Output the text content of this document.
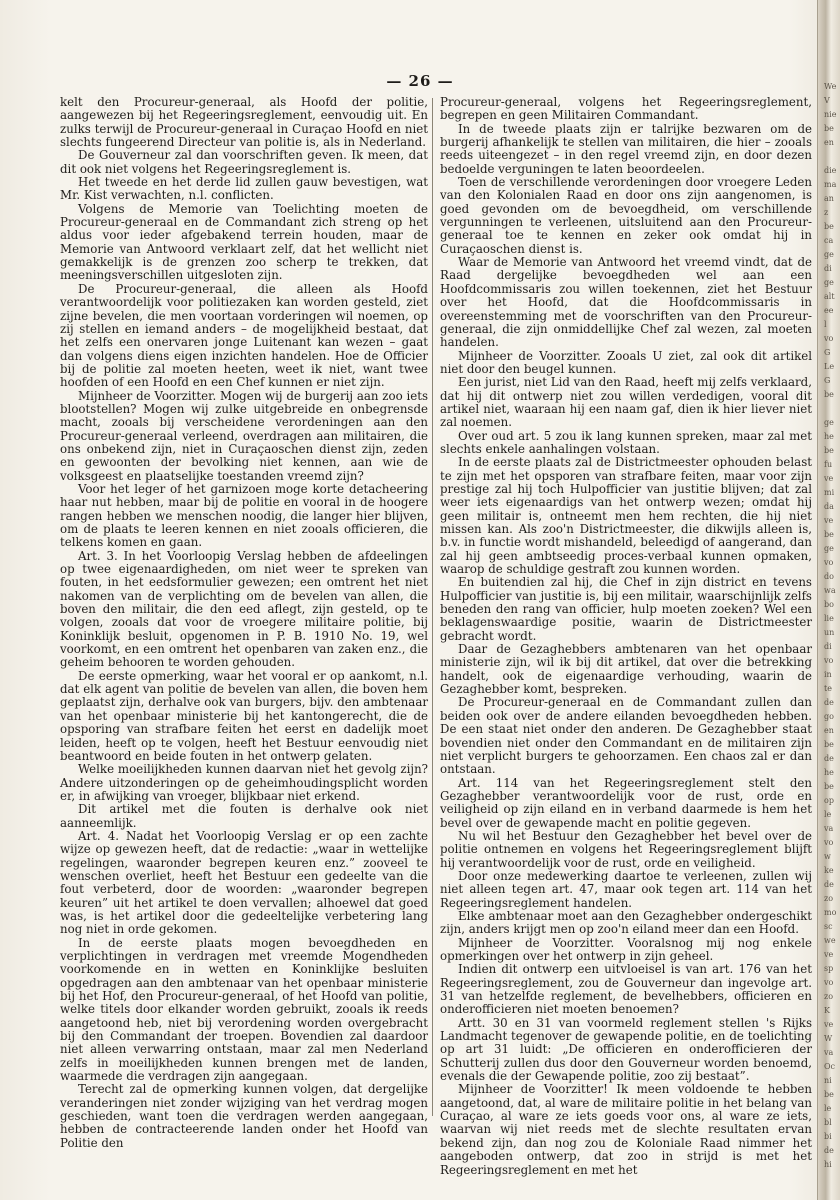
— 26 —

kelt den Procureur-generaal, als Hoofd der politie, aangewezen bij het Regeeringsreglement, eenvoudig uit. En zulks terwijl de Procureur-generaal in Curaçao Hoofd en niet slechts fungeerend Directeur van politie is, als in Nederland.

De Gouverneur zal dan voorschriften geven. Ik meen, dat dit ook niet volgens het Regeeringsreglement is.

Het tweede en het derde lid zullen gauw bevestigen, wat Mr. Kist verwachten, n.l. conflicten.

Volgens de Memorie van Toelichting moeten de Procureur-generaal en de Commandant zich streng op het aldus voor ieder afgebakend terrein houden, maar de Memorie van Antwoord verklaart zelf, dat het wellicht niet gemakkelijk is de grenzen zoo scherp te trekken, dat meeningsverschillen uitgesloten zijn.

De Procureur-generaal, die alleen als Hoofd verantwoordelijk voor politiezaken kan worden gesteld, ziet zijne bevelen, die men voortaan vorderingen wil noemen, op zij stellen en iemand anders – de mogelijkheid bestaat, dat het zelfs een onervaren jonge Luitenant kan wezen – gaat dan volgens diens eigen inzichten handelen. Hoe de Officier bij de politie zal moeten heeten, weet ik niet, want twee hoofden of een Hoofd en een Chef kunnen er niet zijn.

Mijnheer de Voorzitter. Mogen wij de burgerij aan zoo iets blootstellen? Mogen wij zulke uitgebreide en onbegrensde macht, zooals bij verscheidene verordeningen aan den Procureur-generaal verleend, overdragen aan militairen, die ons onbekend zijn, niet in Curaçaoschen dienst zijn, zeden en gewoonten der bevolking niet kennen, aan wie de volksgeest en plaatselijke toestanden vreemd zijn?

Voor het leger of het garnizoen moge korte detacheering haar nut hebben, maar bij de politie en vooral in de hoogere rangen hebben we menschen noodig, die langer hier blijven, om de plaats te leeren kennen en niet zooals officieren, die telkens komen en gaan.

Art. 3. In het Voorloopig Verslag hebben de afdeelingen op twee eigenaardigheden, om niet weer te spreken van fouten, in het eedsformulier gewezen; een omtrent het niet nakomen van de verplichting om de bevelen van allen, die boven den militair, die den eed aflegt, zijn gesteld, op te volgen, zooals dat voor de vroegere militaire politie, bij Koninklijk besluit, opgenomen in P. B. 1910 No. 19, wel voorkomt, en een omtrent het openbaren van zaken enz., die geheim behooren te worden gehouden.

De eerste opmerking, waar het vooral er op aankomt, n.l. dat elk agent van politie de bevelen van allen, die boven hem geplaatst zijn, derhalve ook van burgers, bijv. den ambtenaar van het openbaar ministerie bij het kantongerecht, die de opsporing van strafbare feiten het eerst en dadelijk moet leiden, heeft op te volgen, heeft het Bestuur eenvoudig niet beantwoord en beide fouten in het ontwerp gelaten.

Welke moeilijkheden kunnen daarvan niet het gevolg zijn? Andere uitzonderingen op de geheimhoudingsplicht worden er, in afwijking van vroeger, blijkbaar niet erkend.

Dit artikel met die fouten is derhalve ook niet aanneemlijk.

Art. 4. Nadat het Voorloopig Verslag er op een zachte wijze op gewezen heeft, dat de redactie: „waar in wettelijke regelingen, waaronder begrepen keuren enz.” zooveel te wenschen overliet, heeft het Bestuur een gedeelte van die fout verbeterd, door de woorden: „waaronder begrepen keuren” uit het artikel te doen vervallen; alhoewel dat goed was, is het artikel door die gedeeltelijke verbetering lang nog niet in orde gekomen.

In de eerste plaats mogen bevoegdheden en verplichtingen in verdragen met vreemde Mogendheden voorkomende en in wetten en Koninklijke besluiten opgedragen aan den ambtenaar van het openbaar ministerie bij het Hof, den Procureur-generaal, of het Hoofd van politie, welke titels door elkander worden gebruikt, zooals ik reeds aangetoond heb, niet bij verordening worden overgebracht bij den Commandant der troepen. Bovendien zal daardoor niet alleen verwarring ontstaan, maar zal men Nederland zelfs in moeilijkheden kunnen brengen met de landen, waarmede die verdragen zijn aangegaan.

Terecht zal de opmerking kunnen volgen, dat dergelijke veranderingen niet zonder wijziging van het verdrag mogen geschieden, want toen die verdragen werden aangegaan, hebben de contracteerende landen onder het Hoofd van Politie den

Procureur-generaal, volgens het Regeeringsreglement, begrepen en geen Militairen Commandant.

In de tweede plaats zijn er talrijke bezwaren om de burgerij afhankelijk te stellen van militairen, die hier – zooals reeds uiteengezet – in den regel vreemd zijn, en door dezen bedoelde verguningen te laten beoordeelen.

Toen de verschillende verordeningen door vroegere Leden van den Kolonialen Raad en door ons zijn aangenomen, is goed gevonden om de bevoegdheid, om verschillende vergunningen te verleenen, uitsluitend aan den Procureur-generaal toe te kennen en zeker ook omdat hij in Curaçaoschen dienst is.

Waar de Memorie van Antwoord het vreemd vindt, dat de Raad dergelijke bevoegdheden wel aan een Hoofdcommissaris zou willen toekennen, ziet het Bestuur over het Hoofd, dat die Hoofdcommissaris in overeenstemming met de voorschriften van den Procureur-generaal, die zijn onmiddellijke Chef zal wezen, zal moeten handelen.

Mijnheer de Voorzitter. Zooals U ziet, zal ook dit artikel niet door den beugel kunnen.

Een jurist, niet Lid van den Raad, heeft mij zelfs verklaard, dat hij dit ontwerp niet zou willen verdedigen, vooral dit artikel niet, waaraan hij een naam gaf, dien ik hier liever niet zal noemen.

Over oud art. 5 zou ik lang kunnen spreken, maar zal met slechts enkele aanhalingen volstaan.

In de eerste plaats zal de Districtmeester ophouden belast te zijn met het opsporen van strafbare feiten, maar voor zijn prestige zal hij toch Hulpofficier van justitie blijven; dat zal weer iets eigenaardigs van het ontwerp wezen; omdat hij geen militair is, ontneemt men hem rechten, die hij niet missen kan. Als zoo'n Districtmeester, die dikwijls alleen is, b.v. in functie wordt mishandeld, beleedigd of aangerand, dan zal hij geen ambtseedig proces-verbaal kunnen opmaken, waarop de schuldige gestraft zou kunnen worden.

En buitendien zal hij, die Chef in zijn district en tevens Hulpofficier van justitie is, bij een militair, waarschijnlijk zelfs beneden den rang van officier, hulp moeten zoeken? Wel een beklagenswaardige positie, waarin de Districtmeester gebracht wordt.

Daar de Gezaghebbers ambtenaren van het openbaar ministerie zijn, wil ik bij dit artikel, dat over die betrekking handelt, ook de eigenaardige verhouding, waarin de Gezaghebber komt, bespreken.

De Procureur-generaal en de Commandant zullen dan beiden ook over de andere eilanden bevoegdheden hebben. De een staat niet onder den anderen. De Gezaghebber staat bovendien niet onder den Commandant en de militairen zijn niet verplicht burgers te gehoorzamen. Een chaos zal er dan ontstaan.

Art. 114 van het Regeeringsreglement stelt den Gezaghebber verantwoordelijk voor de rust, orde en veiligheid op zijn eiland en in verband daarmede is hem het bevel over de gewapende macht en politie gegeven.

Nu wil het Bestuur den Gezaghebber het bevel over de politie ontnemen en volgens het Regeeringsreglement blijft hij verantwoordelijk voor de rust, orde en veiligheid.

Door onze medewerking daartoe te verleenen, zullen wij niet alleen tegen art. 47, maar ook tegen art. 114 van het Regeeringsreglement handelen.

Elke ambtenaar moet aan den Gezaghebber ondergeschikt zijn, anders krijgt men op zoo'n eiland meer dan een Hoofd.

Mijnheer de Voorzitter. Vooralsnog mij nog enkele opmerkingen over het ontwerp in zijn geheel.

Indien dit ontwerp een uitvloeisel is van art. 176 van het Regeeringsreglement, zou de Gouverneur dan ingevolge art. 31 van hetzelfde reglement, de bevelhebbers, officieren en onderofficieren niet moeten benoemen?

Artt. 30 en 31 van voormeld reglement stellen 's Rijks Landmacht tegenover de gewapende politie, en de toelichting op art 31 luidt: „De officieren en onderofficieren der Schutterij zullen dus door den Gouverneur worden benoemd, evenals die der Gewapende politie, zoo zij bestaat”.

Mijnheer de Voorzitter! Ik meen voldoende te hebben aangetoond, dat, al ware de militaire politie in het belang van Curaçao, al ware ze iets goeds voor ons, al ware ze iets, waarvan wij niet reeds met de slechte resultaten ervan bekend zijn, dan nog zou de Koloniale Raad nimmer het aangeboden ontwerp, dat zoo in strijd is met het Regeeringsreglement en met het

We
V
nie
be
en

die
ma
an
z
be
ca
ge
di
ge
alt
ee
l
vo
G
Le
G
be

ge
he
be
fu
ve
mi
da
ve
be
ge
vo
do
wa
bo
lie
un
di
vo
in
te
de
go
en
be
de
he
be
op
le
va
vo
w
ke
de
zo
mo
sc
we
ve
sp
vo
zo
K
ve
W
va
Oc
ni
be
le
bl
bi
de
hi
